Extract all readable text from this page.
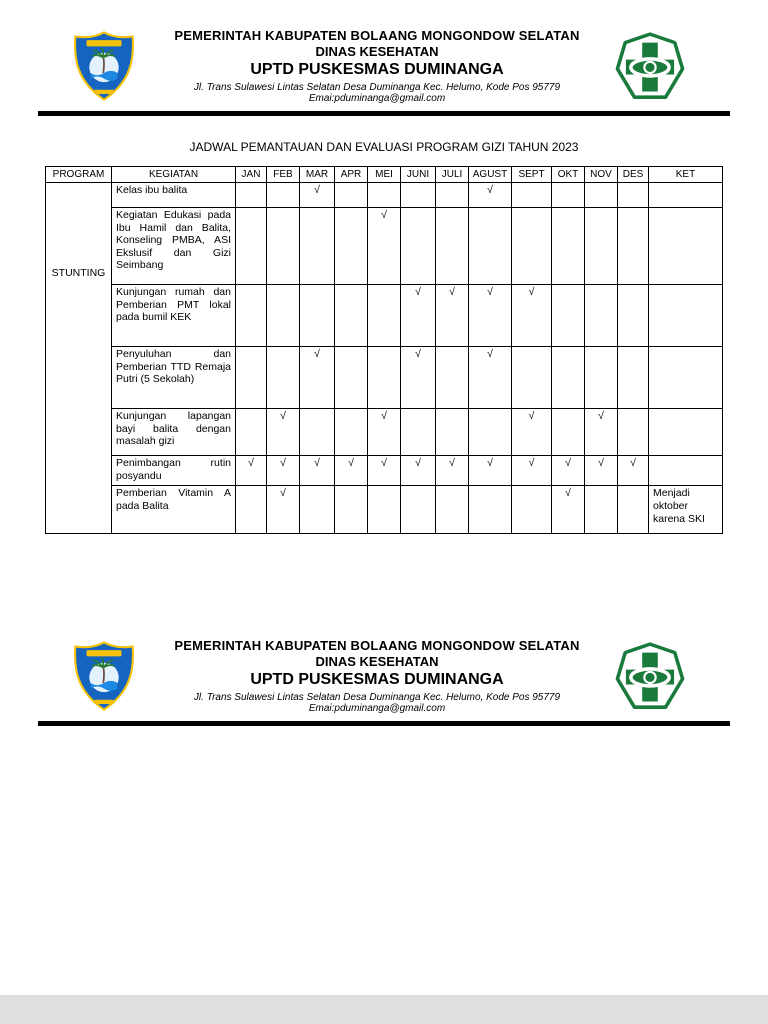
PEMERINTAH KABUPATEN BOLAANG MONGONDOW SELATAN
DINAS KESEHATAN
UPTD PUSKESMAS DUMINANGA
Jl. Trans Sulawesi Lintas Selatan Desa Duminanga Kec. Helumo, Kode Pos 95779
Emai:pduminanga@gmail.com
JADWAL PEMANTAUAN DAN EVALUASI PROGRAM GIZI TAHUN 2023
PROGRAM	KEGIATAN	JAN	FEB	MAR	APR	MEI	JUNI	JULI	AGUST	SEPT	OKT	NOV	DES	KET
STUNTING	Kelas ibu balita			√					√					
	Kegiatan Edukasi pada Ibu Hamil dan Balita, Konseling PMBA, ASI Ekslusif dan Gizi Seimbang					√								
	Kunjungan rumah dan Pemberian PMT lokal pada bumil KEK						√	√	√	√				
	Penyuluhan dan Pemberian TTD Remaja Putri (5 Sekolah)			√			√		√					
	Kunjungan lapangan bayi balita dengan masalah gizi		√			√				√		√		
	Penimbangan rutin posyandu	√	√	√	√	√	√	√	√	√	√	√	√	
	Pemberian Vitamin A pada Balita		√								√			Menjadi oktober karena SKI
PEMERINTAH KABUPATEN BOLAANG MONGONDOW SELATAN
DINAS KESEHATAN
UPTD PUSKESMAS DUMINANGA
Jl. Trans Sulawesi Lintas Selatan Desa Duminanga Kec. Helumo, Kode Pos 95779
Emai:pduminanga@gmail.com
